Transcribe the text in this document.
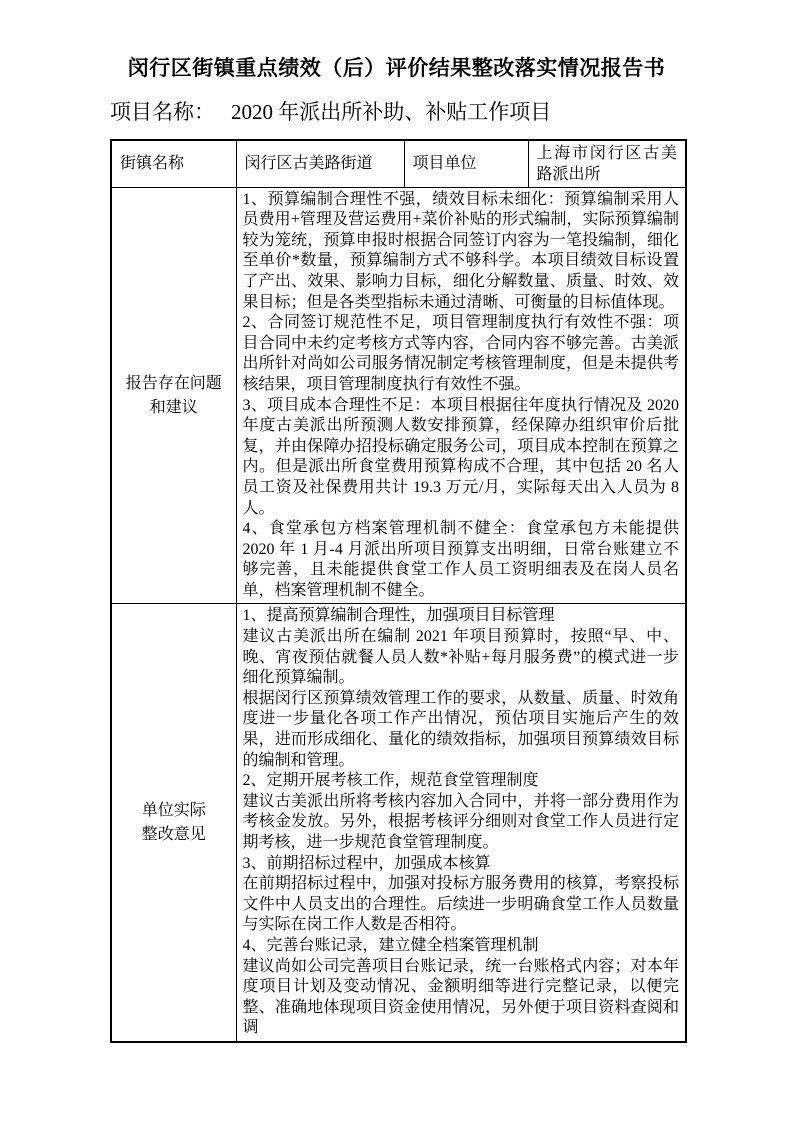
闵行区街镇重点绩效（后）评价结果整改落实情况报告书
项目名称： 2020 年派出所补助、补贴工作项目
街镇名称	闵行区古美路街道	项目单位	上海市闵行区古美路派出所

报告存在问题
和建议

1、预算编制合理性不强，绩效目标未细化：预算编制采用人员费用+管理及营运费用+菜价补贴的形式编制，实际预算编制较为笼统，预算申报时根据合同签订内容为一笔投编制，细化至单价*数量，预算编制方式不够科学。本项目绩效目标设置了产出、效果、影响力目标，细化分解数量、质量、时效、效果目标；但是各类型指标未通过清晰、可衡量的目标值体现。

2、合同签订规范性不足，项目管理制度执行有效性不强：项目合同中未约定考核方式等内容，合同内容不够完善。古美派出所针对尚如公司服务情况制定考核管理制度，但是未提供考核结果，项目管理制度执行有效性不强。

3、项目成本合理性不足：本项目根据往年度执行情况及 2020 年度古美派出所预测人数安排预算，经保障办组织审价后批复，并由保障办招投标确定服务公司，项目成本控制在预算之内。但是派出所食堂费用预算构成不合理，其中包括 20 名人员工资及社保费用共计 19.3 万元/月，实际每天出入人员为 8 人。

4、食堂承包方档案管理机制不健全：食堂承包方未能提供 2020 年 1 月-4 月派出所项目预算支出明细，日常台账建立不够完善，且未能提供食堂工作人员工资明细表及在岗人员名单，档案管理机制不健全。

单位实际
整改意见

1、提高预算编制合理性，加强项目目标管理

建议古美派出所在编制 2021 年项目预算时，按照“早、中、晚、宵夜预估就餐人员人数*补贴+每月服务费”的模式进一步细化预算编制。

根据闵行区预算绩效管理工作的要求，从数量、质量、时效角度进一步量化各项工作产出情况，预估项目实施后产生的效果，进而形成细化、量化的绩效指标，加强项目预算绩效目标的编制和管理。

2、定期开展考核工作，规范食堂管理制度

建议古美派出所将考核内容加入合同中，并将一部分费用作为考核金发放。另外，根据考核评分细则对食堂工作人员进行定期考核，进一步规范食堂管理制度。

3、前期招标过程中，加强成本核算

在前期招标过程中，加强对投标方服务费用的核算，考察投标文件中人员支出的合理性。后续进一步明确食堂工作人员数量与实际在岗工作人数是否相符。

4、完善台账记录，建立健全档案管理机制

建议尚如公司完善项目台账记录，统一台账格式内容；对本年度项目计划及变动情况、金额明细等进行完整记录，以便完整、准确地体现项目资金使用情况，另外便于项目资料查阅和调
